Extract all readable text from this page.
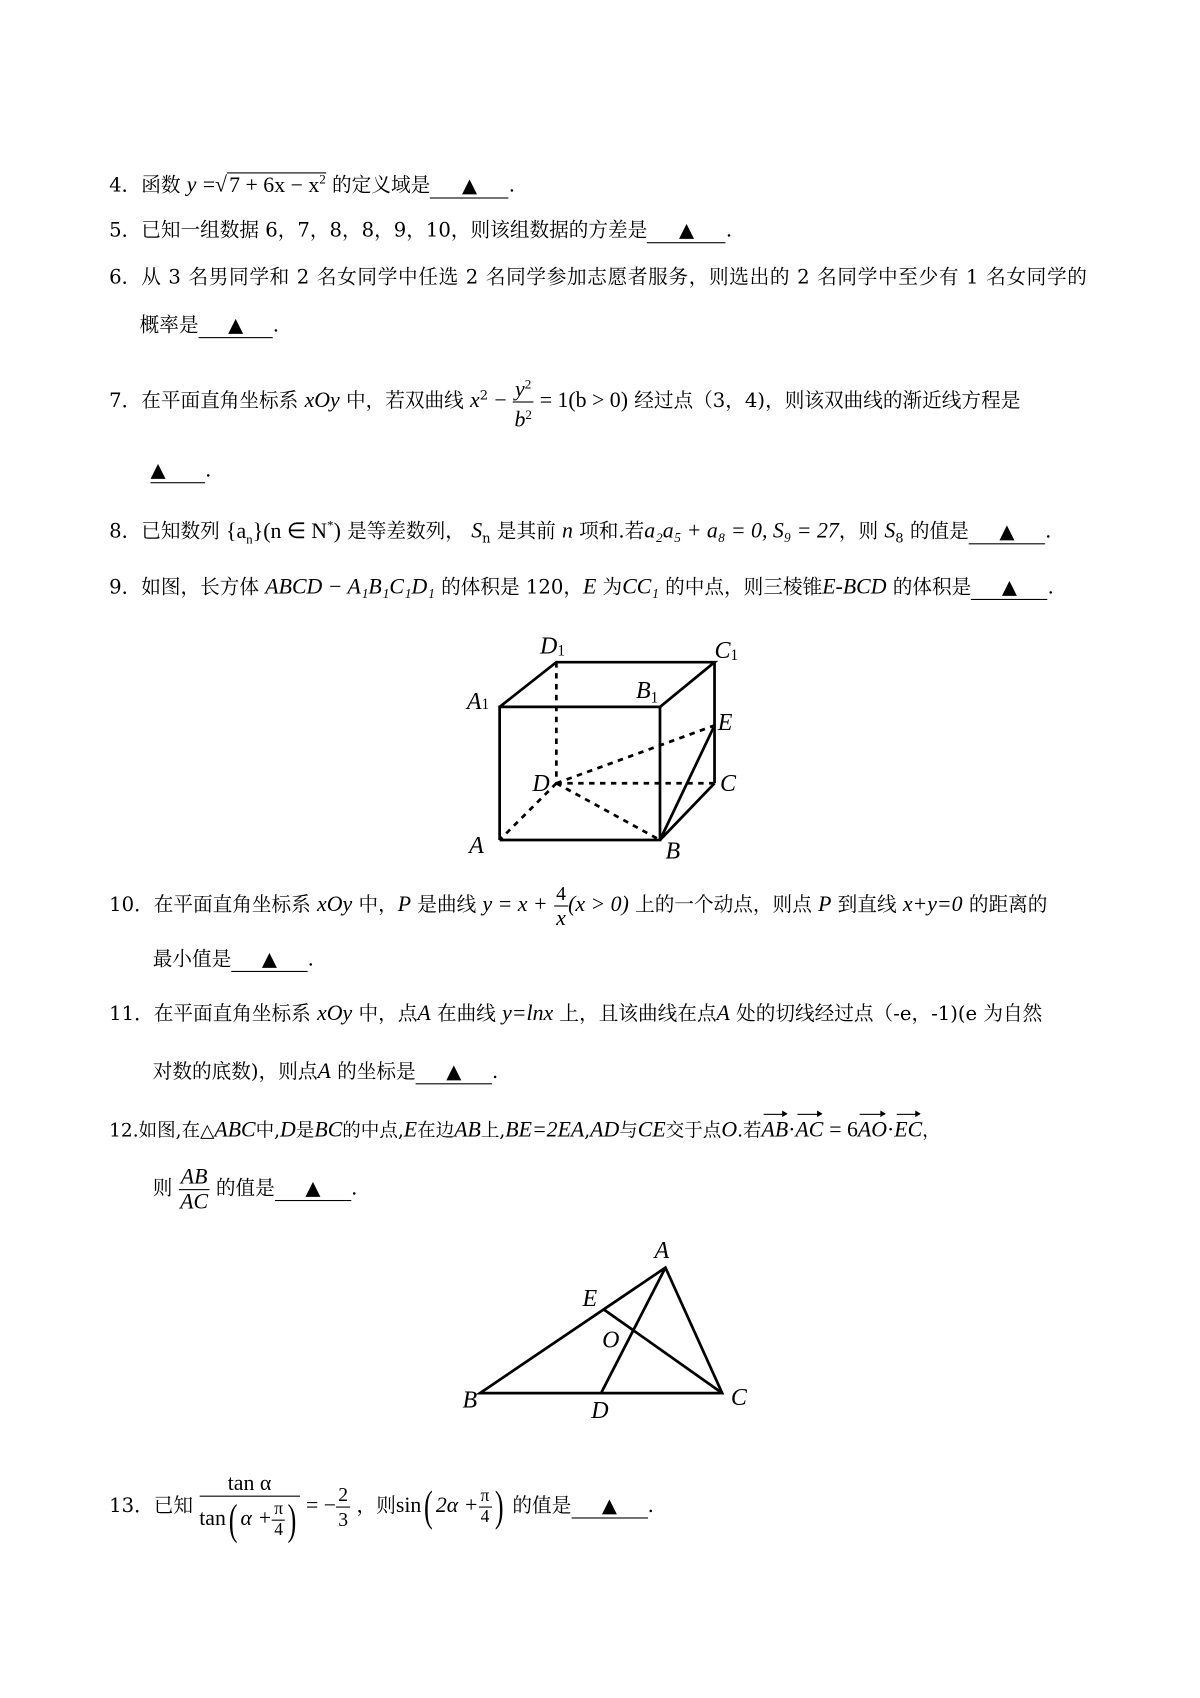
4．函数 y =√ $7 + 6x - x^2$ 的定义域是 ▲ .
5．已知一组数据 6，7，8，8，9，10，则该组数据的方差是 ▲ .
6．从 3 名男同学和 2 名女同学中任选 2 名同学参加志愿者服务，则选出的 2 名同学中至少有 1 名女同学的
概率是 ▲ .
7．在平面直角坐标系 xOy 中，若双曲线 $x^2 - \frac{y^2}{b^2} = 1(b > 0)$ 经过点（3，4)，则该双曲线的渐近线方程是
▲ .
8．已知数列 $\{a_n\}(n$ ∈ N*) 是等差数列， $S_n$ 是其前 n 项和.若a₂a₅ + a₈ = 0, S₉ = 27，则 $S_8$ 的值是 ▲ .
9．如图，长方体 ABCD − A₁B₁C₁D₁ 的体积是 120，E 为CC₁ 的中点，则三棱锥E-BCD 的体积是 ▲ .
A	B
C
D
A1
B1
C1
D1
E
A
B	C
D
E
O
10．在平面直角坐标系 xOy 中，P 是曲线 $y = x + \frac{4}{x} (x > 0)$ 上的一个动点，则点 P 到直线 x+y=0 的距离的
最小值是 ▲ .
11．在平面直角坐标系 xOy 中，点A 在曲线 y=lnx 上，且该曲线在点A 处的切线经过点（-e，-1)(e 为自然
对数的底数)，则点A 的坐标是 ▲ .
12.如图,在△ABC中,D是BC的中点,E在边AB上,BE=2EA,AD与CE交于点O.若AB·AC = 6AO·EC，
则 $\frac{AB}{AC}$ 的值是 ▲ .
13．已知 $\frac{\text{tan α}}{\tan( \alpha + \frac{\pi}{4} )}$ = − $\frac{2}{3}$ ，则sin( $2\alpha + \frac{\pi}{4}$ ) 的值是 ▲ .
